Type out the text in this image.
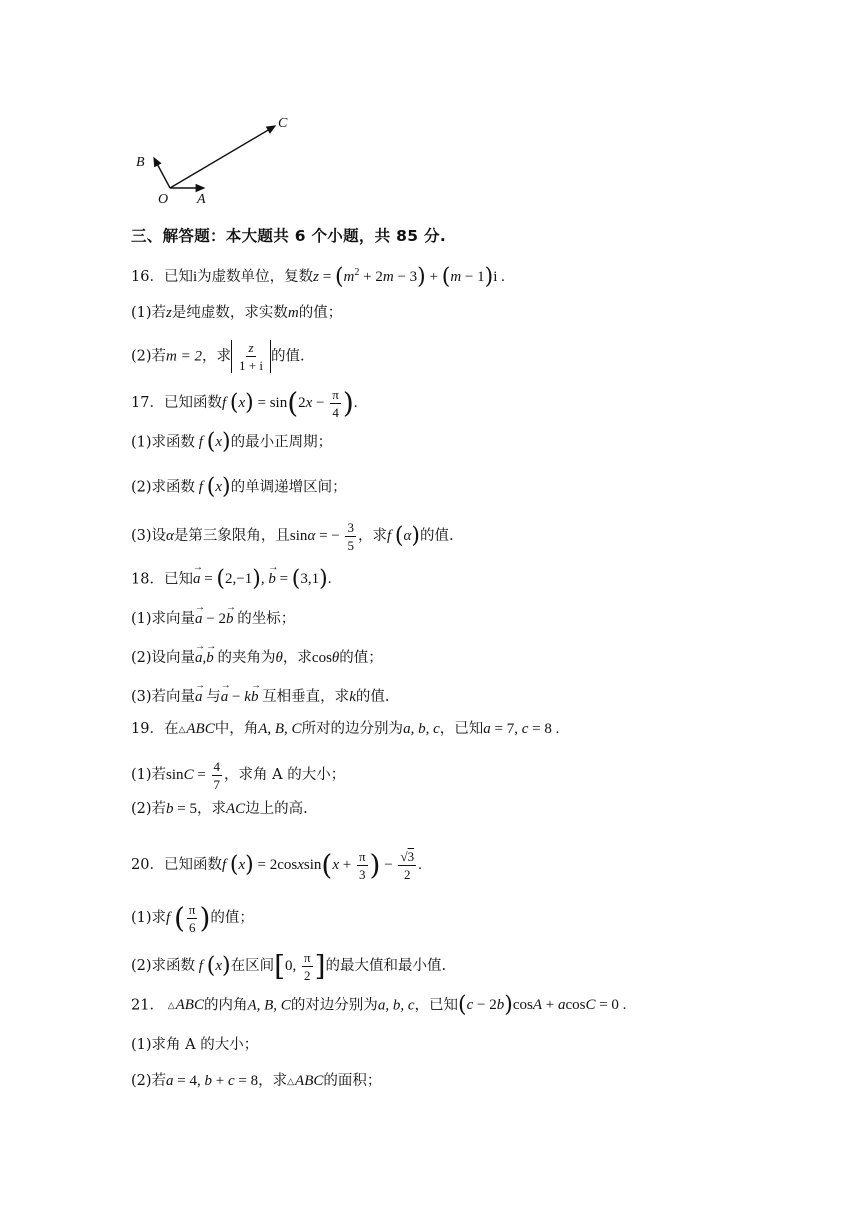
O A
B
C
三、解答题：本大题共 6 个小题，共 85 分.
16．已知i为虚数单位，复数$z = (m^2 + 2m - 3) + (m - 1)i$ .
(1)若z是纯虚数，求实数m的值；
(2)若m = 2，求 $\frac{z}{1 + i}$ 的值.
17．已知函数f $(x) = \sin(2x - \frac{\pi}{4}$ ).
(1)求函数 f (x)的最小正周期；
(2)求函数 f (x)的单调递增区间；
(3)设α是第三象限角，且sinα = − $\frac{3}{5}$ ，求f (α)的值.
18．已知→ a = (2,−1), → b = (3,1).
(1)求向量→ a − 2→ b 的坐标；
(2)设向量→ a,→ b 的夹角为θ，求cosθ的值；
(3)若向量→ a 与→ a − k→ b 互相垂直，求k的值.
19．在△ABC中，角A, B, C所对的边分别为a, b, c，已知a = 7, c = 8 .
(1)若$\sin C = \frac{4}{7}$ ，求角 A 的大小；
(2)若b = 5，求AC边上的高.
20．已知函数f (x) = 2cosxsin(x + $\frac{\pi}{3}$ ) − $\frac{√3}{2}$ .
(1)求f ( $\frac{\pi}{6}$ )的值；
(2)求函数 f (x)在区间[0, $\frac{\pi}{2}$ ]的最大值和最小值.
21． △ABC的内角A, B, C的对边分别为a, b, c，已知(c − 2b)cosA + acosC = 0 .
(1)求角 A 的大小；
(2)若a = 4, b + c = 8，求△ABC的面积；
